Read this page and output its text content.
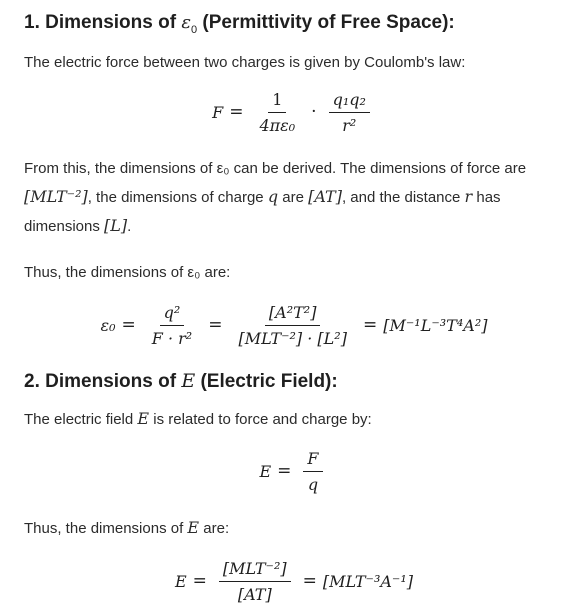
1. Dimensions of $\varepsilon_0$ (Permittivity of Free Space):

The electric force between two charges is given by Coulomb's law:

$F = \frac{1}{\text{4πε₀}} \cdot \frac{\text{q₁q₂}}{\text{r²}}$

From this, the dimensions of ε₀ can be derived. The dimensions of force are
[MLT⁻²], the dimensions of charge q are [AT], and the distance r has
dimensions [L].

Thus, the dimensions of ε₀ are:

$\varepsilon_0 = \frac{\text{q²}}{\text{F · r²}} = \frac{\text{[A²T²]}}{\text{[MLT⁻²] · [L²]}} = [M^{-1}L^{-3}T^4A^2]$
2. Dimensions of E (Electric Field):

The electric field E is related to force and charge by:

$E = \frac{F}{q}$

Thus, the dimensions of E are:

$E = \frac{\text{[MLT⁻²]}}{[AT]} = [MLT^{-3}A^{-1}]$
